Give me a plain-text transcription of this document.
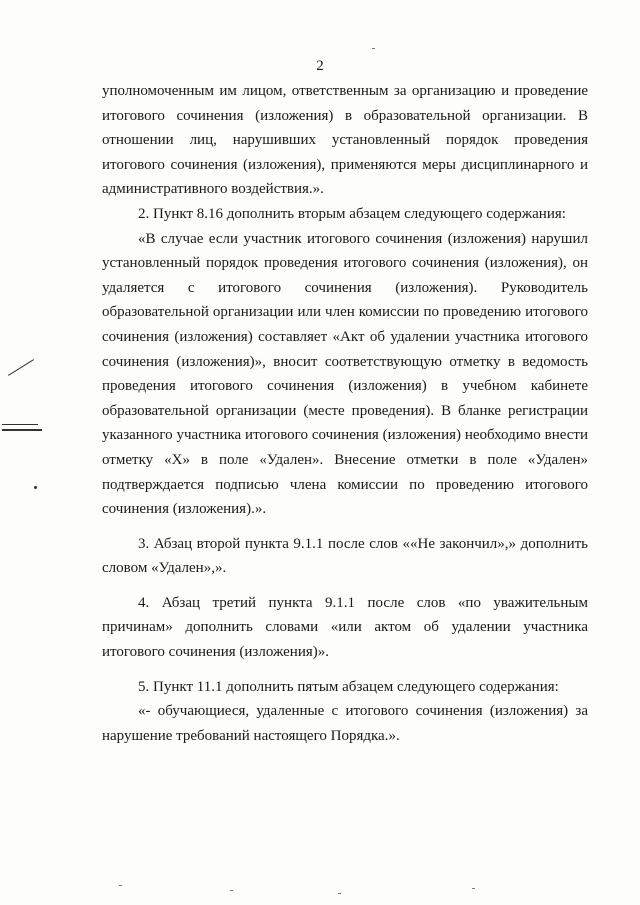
2

уполномоченным им лицом, ответственным за организацию и проведение итогового сочинения (изложения) в образовательной организации. В отношении лиц, нарушивших установленный порядок проведения итогового сочинения (изложения), применяются меры дисциплинарного и административного воздействия.».

2. Пункт 8.16 дополнить вторым абзацем следующего содержания:

«В случае если участник итогового сочинения (изложения) нарушил установленный порядок проведения итогового сочинения (изложения), он удаляется с итогового сочинения (изложения). Руководитель образовательной организации или член комиссии по проведению итогового сочинения (изложения) составляет «Акт об удалении участника итогового сочинения (изложения)», вносит соответствующую отметку в ведомость проведения итогового сочинения (изложения) в учебном кабинете образовательной организации (месте проведения). В бланке регистрации указанного участника итогового сочинения (изложения) необходимо внести отметку «Х» в поле «Удален». Внесение отметки в поле «Удален» подтверждается подписью члена комиссии по проведению итогового сочинения (изложения).».

3. Абзац второй пункта 9.1.1 после слов ««Не закончил»,» дополнить словом «Удален»,».

4. Абзац третий пункта 9.1.1 после слов «по уважительным причинам» дополнить словами «или актом об удалении участника итогового сочинения (изложения)».

5. Пункт 11.1 дополнить пятым абзацем следующего содержания:

«- обучающиеся, удаленные с итогового сочинения (изложения) за нарушение требований настоящего Порядка.».
